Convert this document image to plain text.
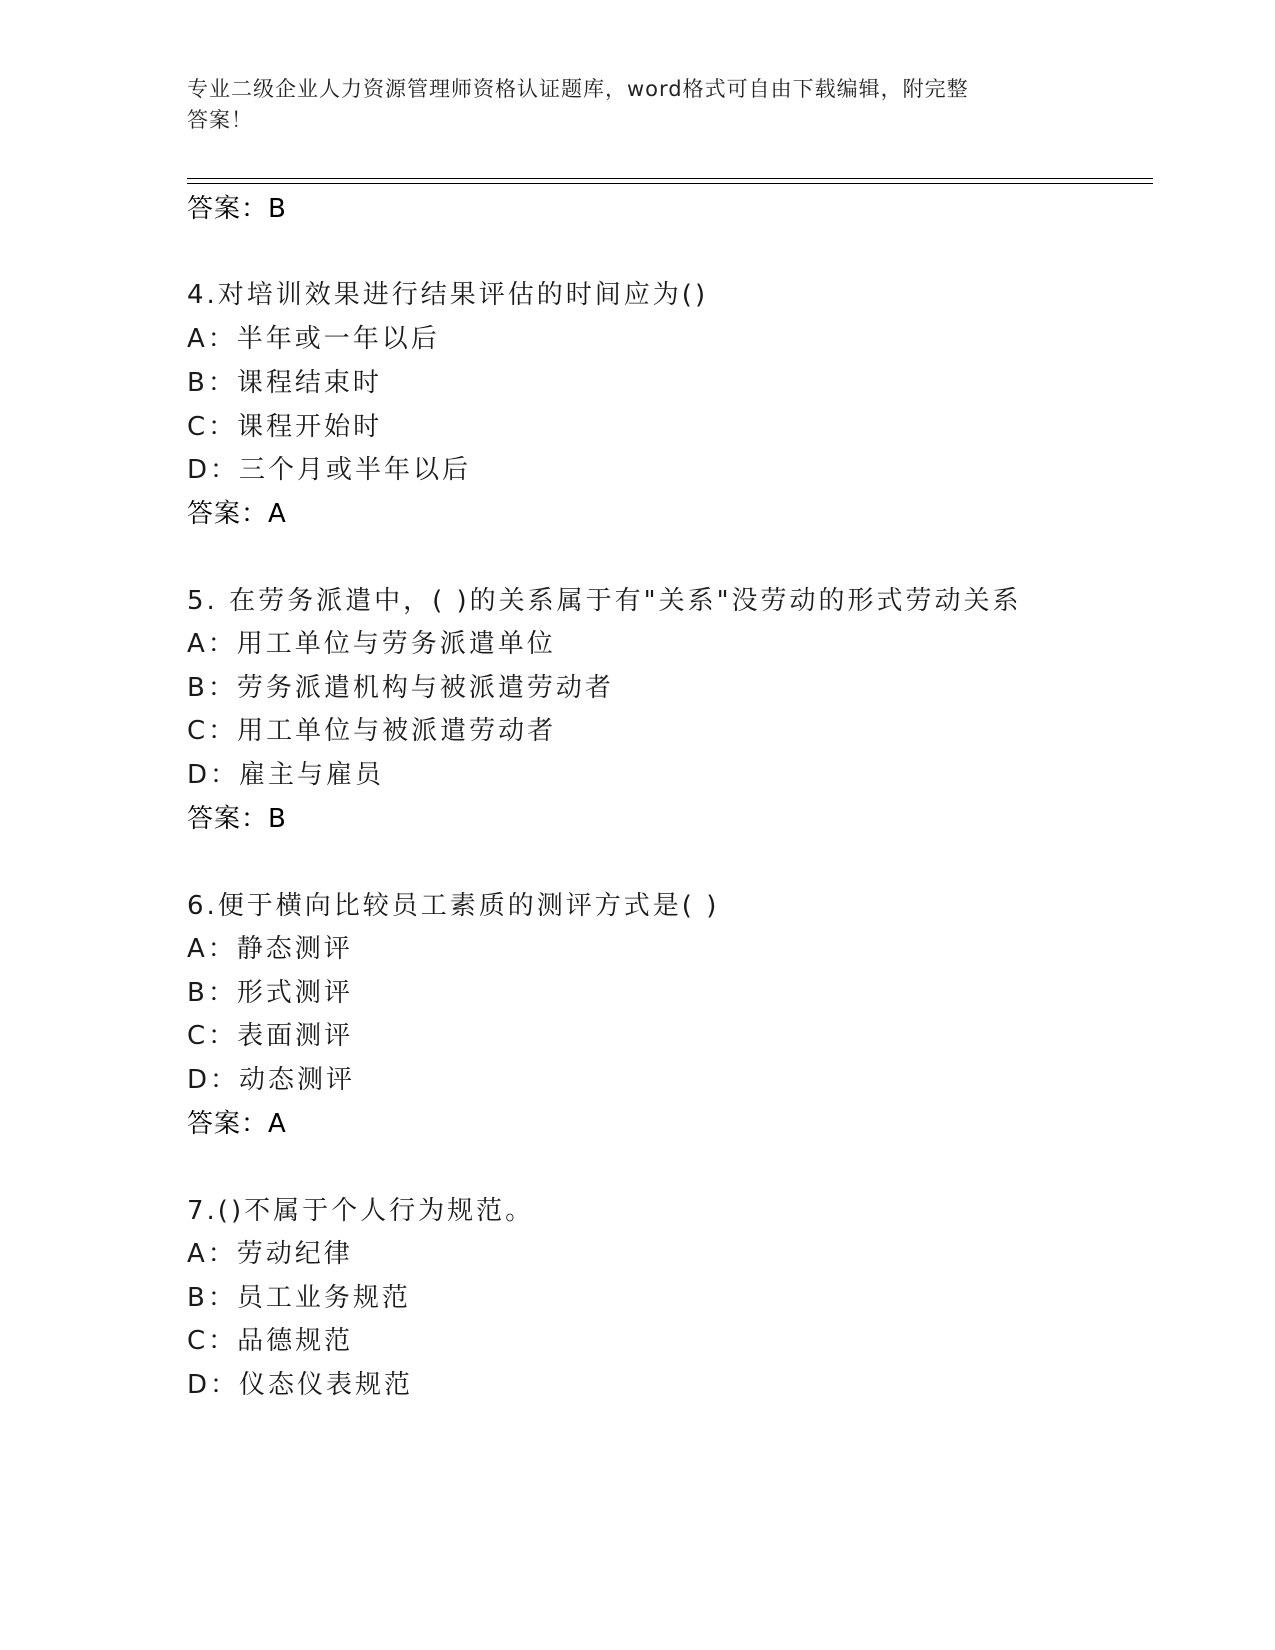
专业二级企业人力资源管理师资格认证题库，word格式可自由下载编辑，附完整
答案！
答案：B
4.对培训效果进行结果评估的时间应为()
A：半年或一年以后
B：课程结束时
C：课程开始时
D：三个月或半年以后
答案：A
5. 在劳务派遣中，( )的关系属于有"关系"没劳动的形式劳动关系
A：用工单位与劳务派遣单位
B：劳务派遣机构与被派遣劳动者
C：用工单位与被派遣劳动者
D：雇主与雇员
答案：B
6.便于横向比较员工素质的测评方式是( )
A：静态测评
B：形式测评
C：表面测评
D：动态测评
答案：A
7.()不属于个人行为规范。
A：劳动纪律
B：员工业务规范
C：品德规范
D：仪态仪表规范
